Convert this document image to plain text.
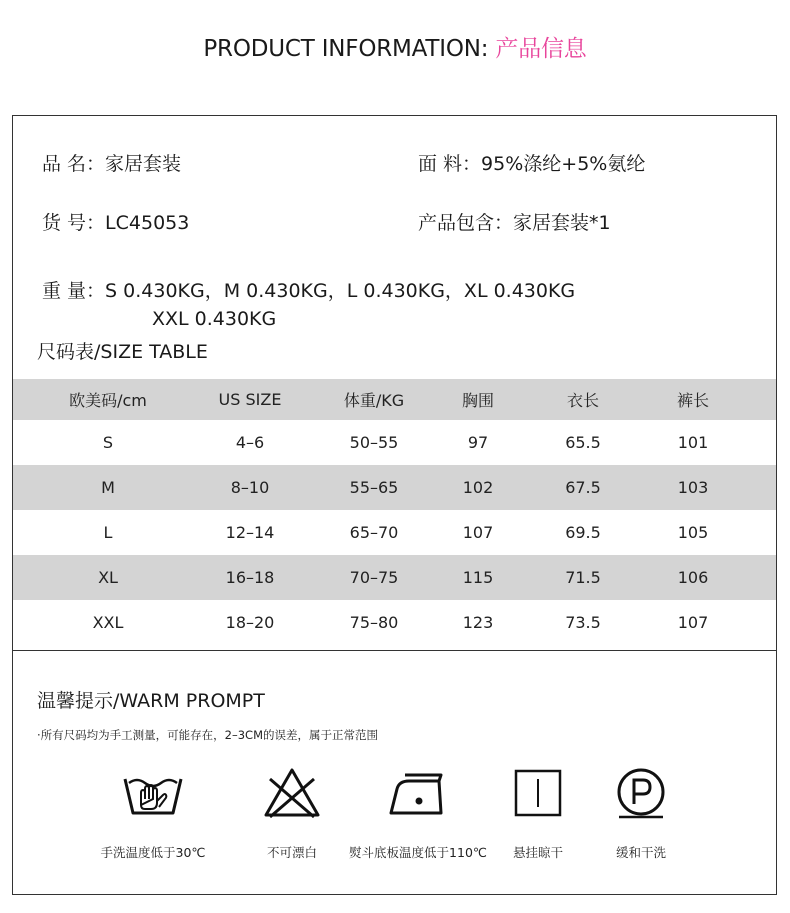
PRODUCT INFORMATION: 产品信息
品 名：家居套装	面 料：95%涤纶+5%氨纶
货 号：LC45053	产品包含：家居套装*1
重 量：S 0.430KG，M 0.430KG，L 0.430KG，XL 0.430KG
XXL 0.430KG
尺码表/SIZE TABLE
欧美码/cm	US SIZE	体重/KG	胸围	衣长	裤长
S	4–6	50–55	97	65.5	101
M	8–10	55–65	102	67.5	103
L	12–14	65–70	107	69.5	105
XL	16–18	70–75	115	71.5	106
XXL	18–20	75–80	123	73.5	107
温馨提示/WARM PROMPT
·所有尺码均为手工测量，可能存在，2–3CM的误差，属于正常范围
手洗温度低于30℃	不可漂白	熨斗底板温度低于110℃	悬挂晾干	缓和干洗
